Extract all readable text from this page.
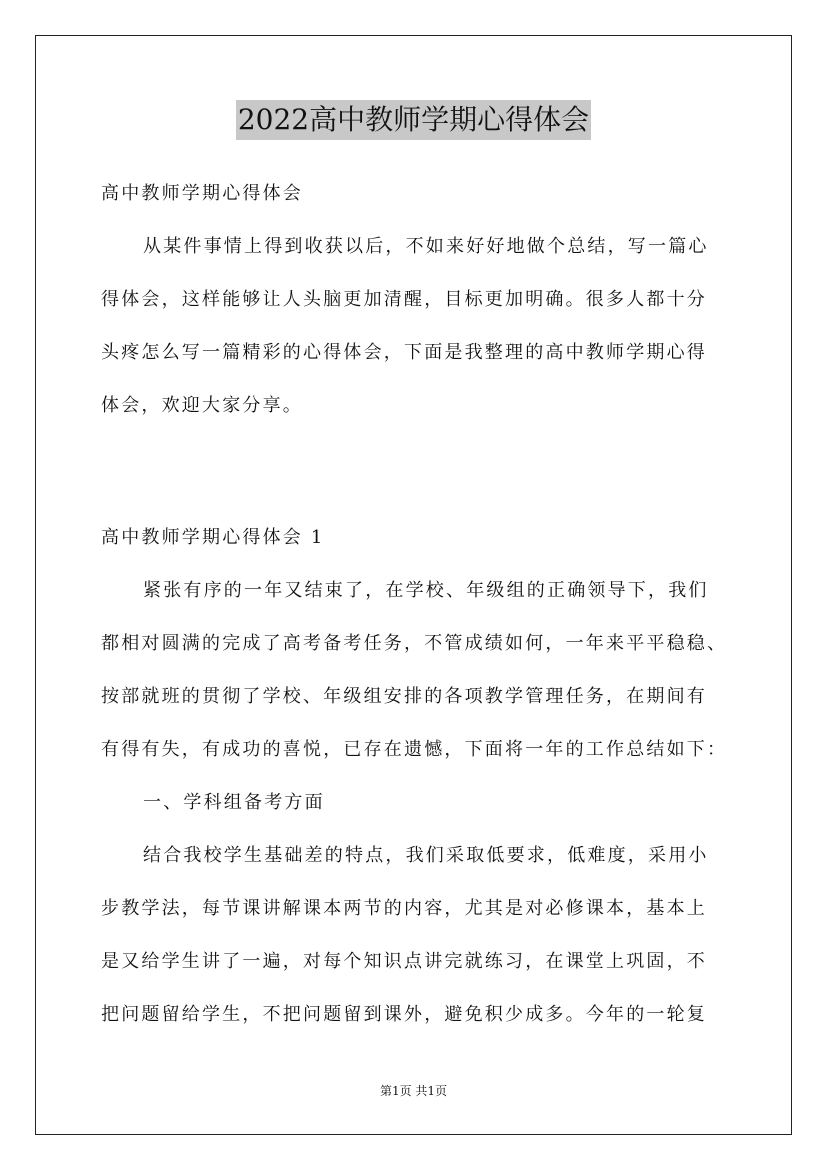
2022高中教师学期心得体会
高中教师学期心得体会
从某件事情上得到收获以后，不如来好好地做个总结，写一篇心
得体会，这样能够让人头脑更加清醒，目标更加明确。很多人都十分
头疼怎么写一篇精彩的心得体会，下面是我整理的高中教师学期心得
体会，欢迎大家分享。
高中教师学期心得体会 1
紧张有序的一年又结束了，在学校、年级组的正确领导下，我们
都相对圆满的完成了高考备考任务，不管成绩如何，一年来平平稳稳、
按部就班的贯彻了学校、年级组安排的各项教学管理任务，在期间有
有得有失，有成功的喜悦，已存在遗憾，下面将一年的工作总结如下：
一、学科组备考方面
结合我校学生基础差的特点，我们采取低要求，低难度，采用小
步教学法，每节课讲解课本两节的内容，尤其是对必修课本，基本上
是又给学生讲了一遍，对每个知识点讲完就练习，在课堂上巩固，不
把问题留给学生，不把问题留到课外，避免积少成多。今年的一轮复
第1页 共1页
